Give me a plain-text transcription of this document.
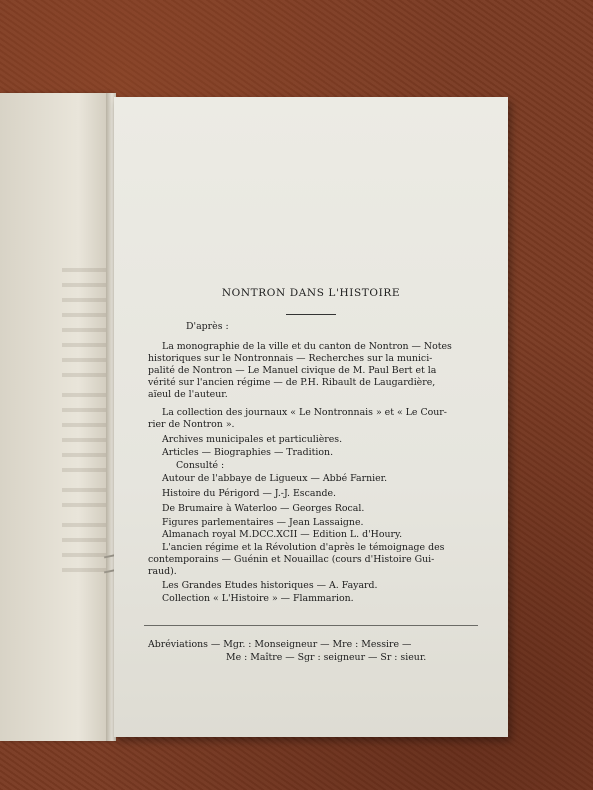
NONTRON DANS L'HISTOIRE
D'après :
La monographie de la ville et du canton de Nontron — Notes
historiques sur le Nontronnais — Recherches sur la munici-
palité de Nontron — Le Manuel civique de M. Paul Bert et la
vérité sur l'ancien régime — de P.H. Ribault de Laugardière,
aïeul de l'auteur.
La collection des journaux « Le Nontronnais » et « Le Cour-
rier de Nontron ».
Archives municipales et particulières.
Articles — Biographies — Tradition.
Consulté :
Autour de l'abbaye de Ligueux — Abbé Farnier.
Histoire du Périgord — J.-J. Escande.
De Brumaire à Waterloo — Georges Rocal.
Figures parlementaires — Jean Lassaigne.
Almanach royal M.DCC.XCII — Edition L. d'Houry.
L'ancien régime et la Révolution d'après le témoignage des
contemporains — Guénin et Nouaillac (cours d'Histoire Gui-
raud).
Les Grandes Etudes historiques — A. Fayard.
Collection « L'Histoire » — Flammarion.
Abréviations — Mgr. : Monseigneur — Mre : Messire —
Me : Maître — Sgr : seigneur — Sr : sieur.
